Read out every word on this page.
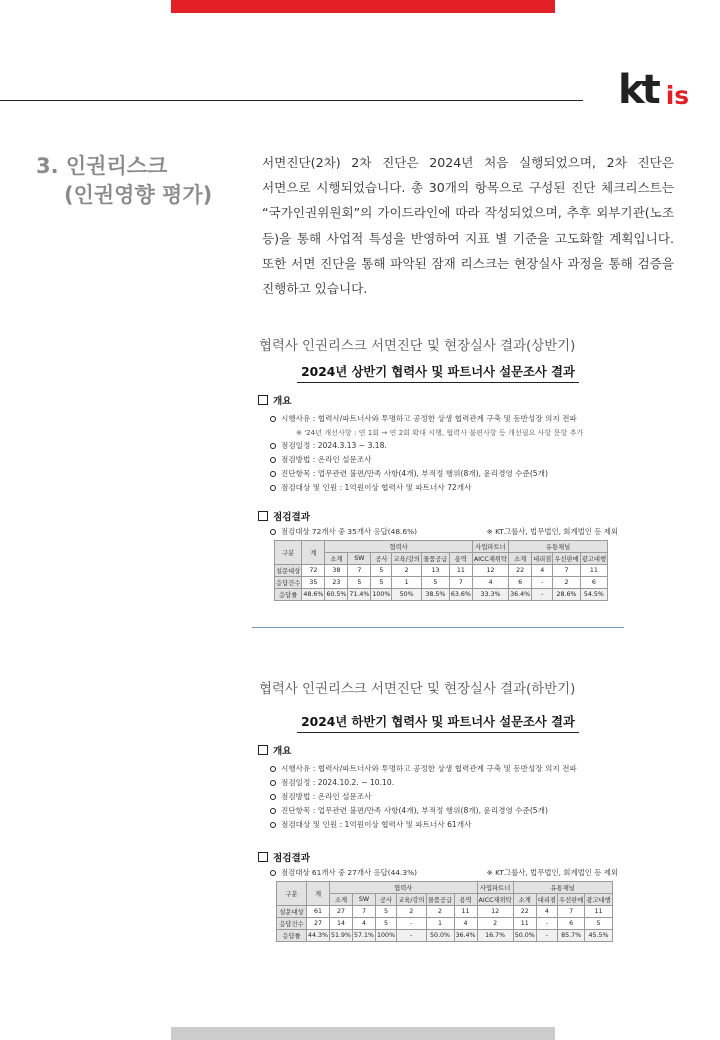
kt is
3. 인권리스크
(인권영향 평가)

서면진단(2차) 2차 진단은 2024년 처음 실행되었으며, 2차 진단은 서면으로 시행되었습니다. 총 30개의 항목으로 구성된 진단 체크리스트는 “국가인권위원회”의 가이드라인에 따라 작성되었으며, 추후 외부기관(노조 등)을 통해 사업적 특성을 반영하여 지표 별 기준을 고도화할 계획입니다. 또한 서면 진단을 통해 파악된 잠재 리스크는 현장실사 과정을 통해 검증을 진행하고 있습니다.

협력사 인권리스크 서면진단 및 현장실사 결과(상반기)
2024년 상반기 협력사 및 파트너사 설문조사 결과
개요
시행사유 : 협력사/파트너사와 투명하고 공정한 상생 협력관계 구축 및 동반성장 의지 전파
※ '24년 개선사항 : 연 1회 → 연 2회 확대 시행, 협력사 불편사항 등 개선필요 사항 문항 추가
점검일정 : 2024.3.13 ~ 3.18.
점검방법 : 온라인 설문조사
진단항목 : 업무관련 불편/만족 사항(4개), 부적정 행위(8개), 윤리경영 수준(5개)
점검대상 및 인원 : 1억원이상 협력사 및 파트너사 72개사
점검결과
점검대상 72개사 중 35개사 응답(48.6%)	※ KT그룹사, 법무법인, 회계법인 등 제외
구분	계	협력사						사업파트너	유통채널			
		소계	SW	공사	교육/강의	물품공급	용역	AICC재위탁	소계	대리점	우선판매	광고대행
설문대상	72	38	7	5	2	13	11	12	22	4	7	11
응답건수	35	23	5	5	1	5	7	4	6	-	2	6
응답률	48.6%	60.5%	71.4%	100%	50%	38.5%	63.6%	33.3%	36.4%	-	28.6%	54.5%
협력사 인권리스크 서면진단 및 현장실사 결과(하반기)
2024년 하반기 협력사 및 파트너사 설문조사 결과
개요
시행사유 : 협력사/파트너사와 투명하고 공정한 상생 협력관계 구축 및 동반성장 의지 전파
점검일정 : 2024.10.2. ~ 10.10.
점검방법 : 온라인 설문조사
진단항목 : 업무관련 불편/만족 사항(4개), 부적정 행위(8개), 윤리경영 수준(5개)
점검대상 및 인원 : 1억원이상 협력사 및 파트너사 61개사
점검결과
점검대상 61개사 중 27개사 응답(44.3%)	※ KT그룹사, 법무법인, 회계법인 등 제외
구분	계	협력사						사업파트너	유통채널			
		소계	SW	공사	교육/강의	물품공급	용역	AICC재위탁	소계	대리점	우선판매	광고대행
설문대상	61	27	7	5	2	2	11	12	22	4	7	11
응답건수	27	14	4	5	-	1	4	2	11	-	6	5
응답률	44.3%	51.9%	57.1%	100%	-	50.0%	36.4%	16.7%	50.0%	-	85.7%	45.5%
